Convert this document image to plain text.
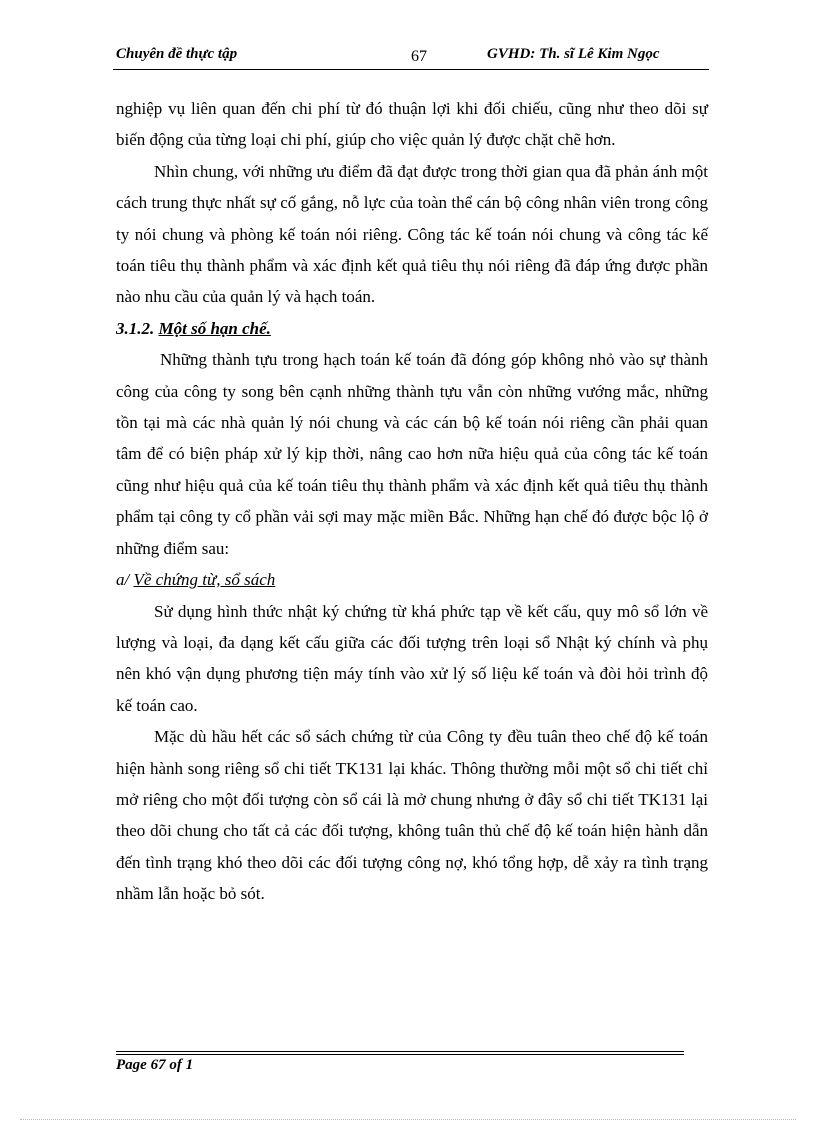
Chuyên đề thực tập	67	GVHD: Th. sĩ Lê Kim Ngọc

nghiệp vụ liên quan đến chi phí từ đó thuận lợi khi đối chiếu, cũng như theo dõi sự biến động của từng loại chi phí, giúp cho việc quản lý được chặt chẽ hơn.

Nhìn chung, với những ưu điểm đã đạt được trong thời gian qua đã phản ánh một cách trung thực nhất sự cố gắng, nỗ lực của toàn thể cán bộ công nhân viên trong công ty nói chung và phòng kế toán nói riêng. Công tác kế toán nói chung và công tác kế toán tiêu thụ thành phẩm và xác định kết quả tiêu thụ nói riêng đã đáp ứng được phần nào nhu cầu của quản lý và hạch toán.

3.1.2. Một số hạn chế.

Những thành tựu trong hạch toán kế toán đã đóng góp không nhỏ vào sự thành công của công ty song bên cạnh những thành tựu vẫn còn những vướng mắc, những tồn tại mà các nhà quản lý nói chung và các cán bộ kế toán nói riêng cần phải quan tâm để có biện pháp xử lý kịp thời, nâng cao hơn nữa hiệu quả của công tác kế toán cũng như hiệu quả của kế toán tiêu thụ thành phẩm và xác định kết quả tiêu thụ thành phẩm tại công ty cổ phần vải sợi may mặc miền Bắc. Những hạn chế đó được bộc lộ ở những điểm sau:

a/ Về chứng từ, sổ sách

Sử dụng hình thức nhật ký chứng từ khá phức tạp về kết cấu, quy mô sổ lớn về lượng và loại, đa dạng kết cấu giữa các đối tượng trên loại sổ Nhật ký chính và phụ nên khó vận dụng phương tiện máy tính vào xử lý số liệu kế toán và đòi hỏi trình độ kế toán cao.

Mặc dù hầu hết các sổ sách chứng từ của Công ty đều tuân theo chế độ kế toán hiện hành song riêng sổ chi tiết TK131 lại khác. Thông thường mỗi một sổ chi tiết chỉ mở riêng cho một đối tượng còn sổ cái là mở chung nhưng ở đây sổ chi tiết TK131 lại theo dõi chung cho tất cả các đối tượng, không tuân thủ chế độ kế toán hiện hành dẫn đến tình trạng khó theo dõi các đối tượng công nợ, khó tổng hợp, dễ xảy ra tình trạng nhầm lẫn hoặc bỏ sót.

Page 67 of 1
